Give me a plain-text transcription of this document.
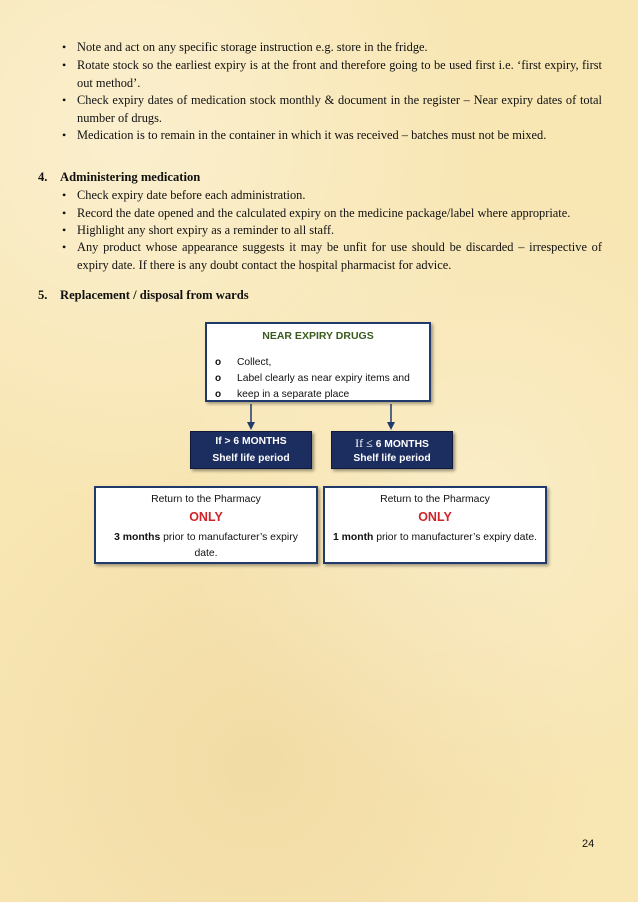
• Note and act on any specific storage instruction e.g. store in the fridge.
• Rotate stock so the earliest expiry is at the front and therefore going to be used first i.e. ‘first expiry, first out method’.
• Check expiry dates of medication stock monthly & document in the register – Near expiry dates of total number of drugs.
• Medication is to remain in the container in which it was received – batches must not be mixed.
4. Administering medication
• Check expiry date before each administration.
• Record the date opened and the calculated expiry on the medicine package/label where appropriate.
• Highlight any short expiry as a reminder to all staff.
• Any product whose appearance suggests it may be unfit for use should be discarded – irrespective of expiry date. If there is any doubt contact the hospital pharmacist for advice.
5. Replacement / disposal from wards
NEAR EXPIRY DRUGS
o Collect,
o Label clearly as near expiry items and
o keep in a separate place
If > 6 MONTHS
Shelf life period
If ≤ 6 MONTHS
Shelf life period
Return to the Pharmacy
ONLY
3 months prior to manufacturer’s expiry date.
Return to the Pharmacy
ONLY
1 month prior to manufacturer’s expiry date.
24
